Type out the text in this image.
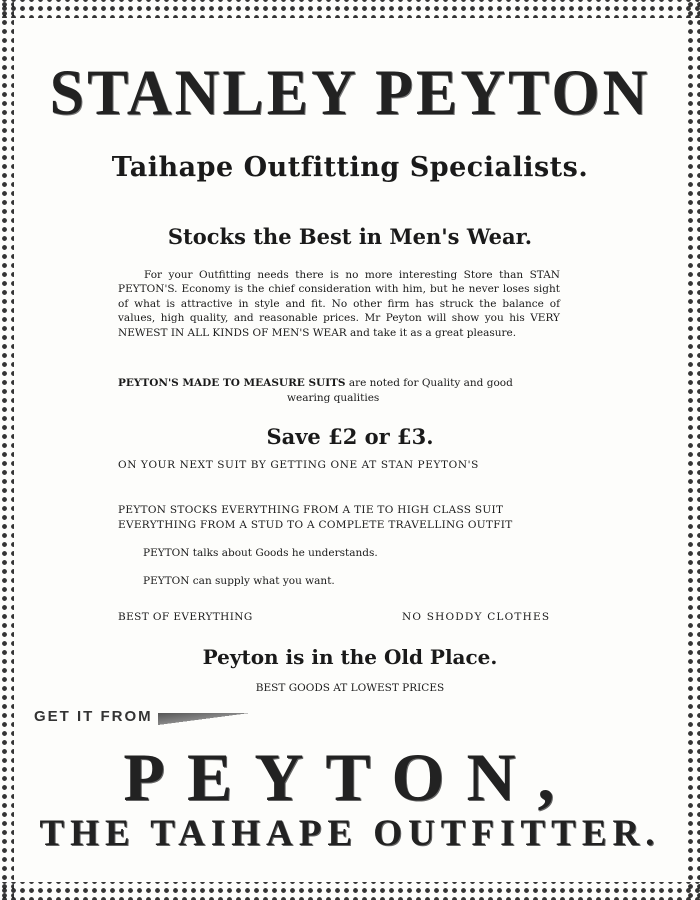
STANLEY PEYTON
Taihape Outfitting Specialists.
Stocks the Best in Men's Wear.
For your Outfitting needs there is no more interesting Store than STAN PEYTON'S. Economy is the chief consideration with him, but he never loses sight of what is attractive in style and fit. No other firm has struck the balance of values, high quality, and reasonable prices. Mr Peyton will show you his VERY NEWEST IN ALL KINDS OF MEN'S WEAR and take it as a great pleasure.
PEYTON'S MADE TO MEASURE SUITS are noted for Quality and good
wearing qualities
Save £2 or £3.
ON YOUR NEXT SUIT BY GETTING ONE AT STAN PEYTON'S
PEYTON STOCKS EVERYTHING FROM A TIE TO HIGH CLASS SUIT
EVERYTHING FROM A STUD TO A COMPLETE TRAVELLING OUTFIT
PEYTON talks about Goods he understands.
PEYTON can supply what you want.
BEST OF EVERYTHING	NO SHODDY CLOTHES
Peyton is in the Old Place.
BEST GOODS AT LOWEST PRICES
GET IT FROM
PEYTON,
THE TAIHAPE OUTFITTER.
